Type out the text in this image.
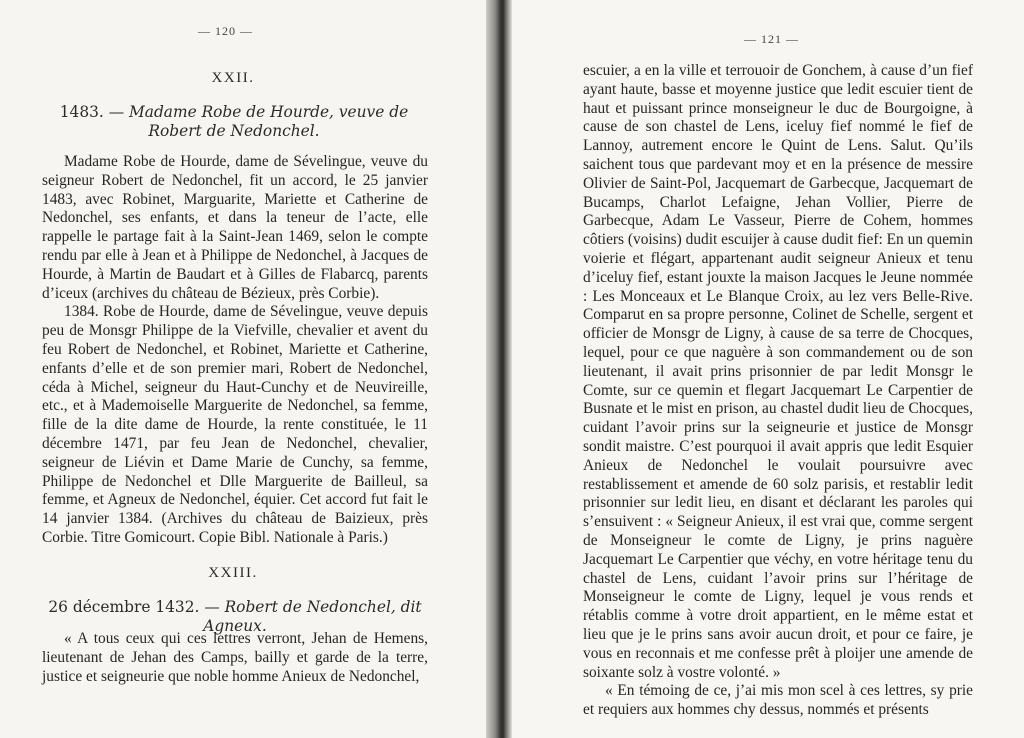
— 120 —
XXII.
1483. — Madame Robe de Hourde, veuve de Robert de Nedonchel.

Madame Robe de Hourde, dame de Sévelingue, veuve du seigneur Robert de Nedonchel, fit un accord, le 25 janvier 1483, avec Robinet, Marguarite, Mariette et Catherine de Nedonchel, ses enfants, et dans la teneur de l’acte, elle rappelle le partage fait à la Saint-Jean 1469, selon le compte rendu par elle à Jean et à Philippe de Nedonchel, à Jacques de Hourde, à Martin de Baudart et à Gilles de Flabarcq, parents d’iceux (archives du château de Bézieux, près Corbie).

1384. Robe de Hourde, dame de Sévelingue, veuve depuis peu de Monsgr Philippe de la Viefville, chevalier et avent du feu Robert de Nedonchel, et Robinet, Mariette et Catherine, enfants d’elle et de son premier mari, Robert de Nedonchel, céda à Michel, seigneur du Haut-Cunchy et de Neuvireille, etc., et à Mademoiselle Marguerite de Nedonchel, sa femme, fille de la dite dame de Hourde, la rente constituée, le 11 décembre 1471, par feu Jean de Nedonchel, chevalier, seigneur de Liévin et Dame Marie de Cunchy, sa femme, Philippe de Nedonchel et Dlle Marguerite de Bailleul, sa femme, et Agneux de Nedonchel, équier. Cet accord fut fait le 14 janvier 1384. (Archives du château de Baizieux, près Corbie. Titre Gomicourt. Copie Bibl. Nationale à Paris.)

XXIII.
26 décembre 1432. — Robert de Nedonchel, dit Agneux.

« A tous ceux qui ces lettres verront, Jehan de Hemens, lieutenant de Jehan des Camps, bailly et garde de la terre, justice et seigneurie que noble homme Anieux de Nedonchel,

— 121 —

escuier, a en la ville et terrouoir de Gonchem, à cause d’un fief ayant haute, basse et moyenne justice que ledit escuier tient de haut et puissant prince monseigneur le duc de Bourgoigne, à cause de son chastel de Lens, iceluy fief nommé le fief de Lannoy, autrement encore le Quint de Lens. Salut. Qu’ils saichent tous que pardevant moy et en la présence de messire Olivier de Saint-Pol, Jacquemart de Garbecque, Jacquemart de Bucamps, Charlot Lefaigne, Jehan Vollier, Pierre de Garbecque, Adam Le Vasseur, Pierre de Cohem, hommes côtiers (voisins) dudit escuijer à cause dudit fief: En un quemin voierie et flégart, appartenant audit seigneur Anieux et tenu d’iceluy fief, estant jouxte la maison Jacques le Jeune nommée : Les Monceaux et Le Blanque Croix, au lez vers Belle-Rive. Comparut en sa propre personne, Colinet de Schelle, sergent et officier de Monsgr de Ligny, à cause de sa terre de Chocques, lequel, pour ce que naguère à son commandement ou de son lieutenant, il avait prins prisonnier de par ledit Monsgr le Comte, sur ce quemin et flegart Jacquemart Le Carpentier de Busnate et le mist en prison, au chastel dudit lieu de Chocques, cuidant l’avoir prins sur la seigneurie et justice de Monsgr sondit maistre. C’est pourquoi il avait appris que ledit Esquier Anieux de Nedonchel le voulait poursuivre avec restablissement et amende de 60 solz parisis, et restablir ledit prisonnier sur ledit lieu, en disant et déclarant les paroles qui s’ensuivent : « Seigneur Anieux, il est vrai que, comme sergent de Monseigneur le comte de Ligny, je prins naguère Jacquemart Le Carpentier que véchy, en votre héritage tenu du chastel de Lens, cuidant l’avoir prins sur l’héritage de Monseigneur le comte de Ligny, lequel je vous rends et rétablis comme à votre droit appartient, en le même estat et lieu que je le prins sans avoir aucun droit, et pour ce faire, je vous en reconnais et me confesse prêt à ploijer une amende de soixante solz à vostre volonté. »

« En témoing de ce, j’ai mis mon scel à ces lettres, sy prie et requiers aux hommes chy dessus, nommés et présents
